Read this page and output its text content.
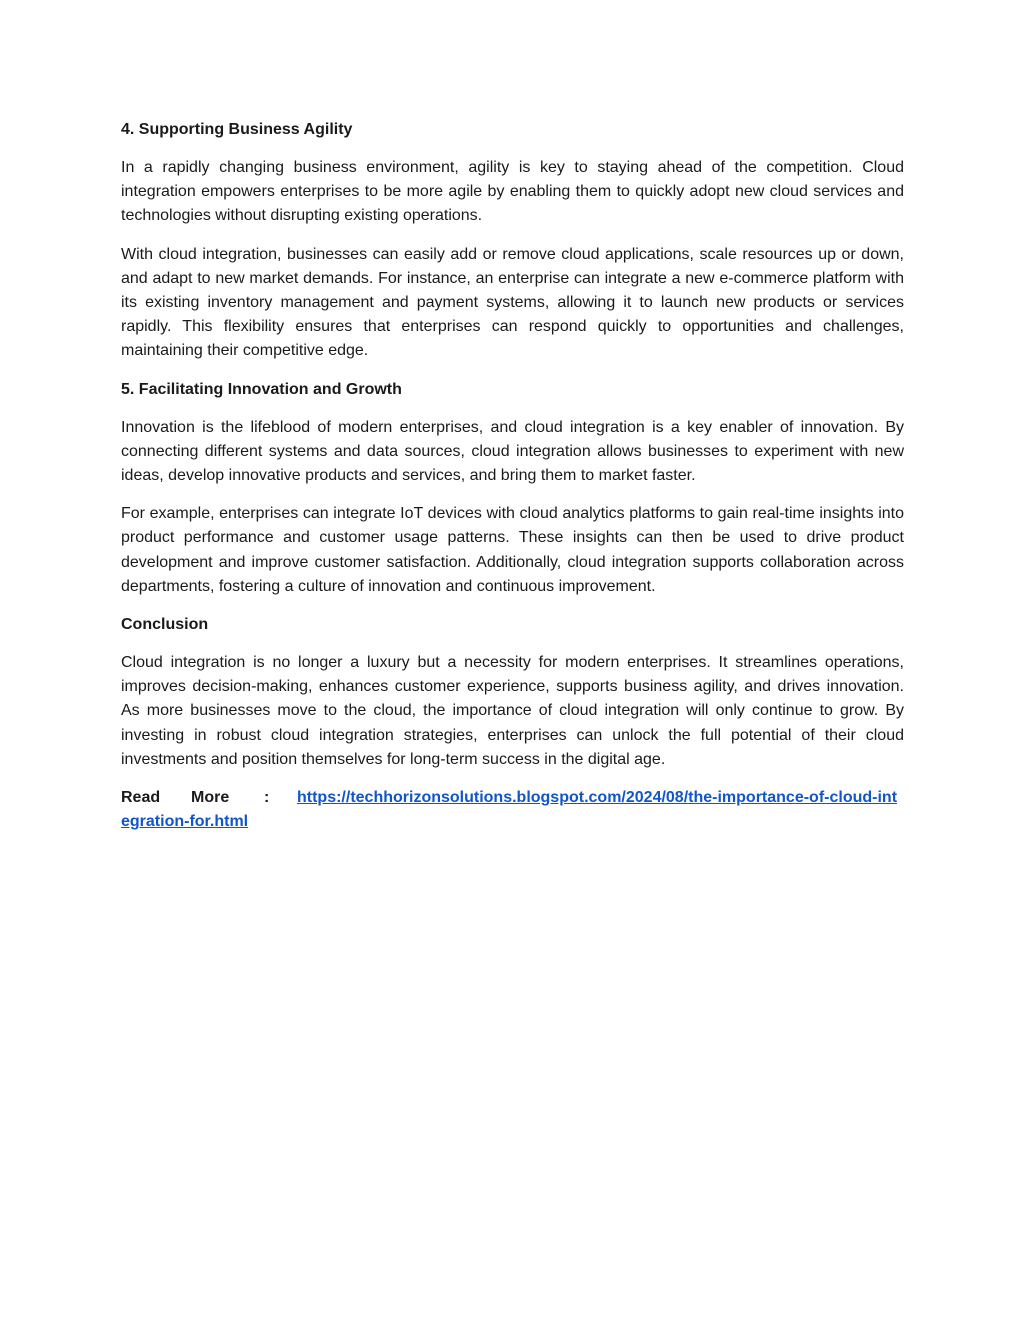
4. Supporting Business Agility

In a rapidly changing business environment, agility is key to staying ahead of the competition. Cloud integration empowers enterprises to be more agile by enabling them to quickly adopt new cloud services and technologies without disrupting existing operations.

With cloud integration, businesses can easily add or remove cloud applications, scale resources up or down, and adapt to new market demands. For instance, an enterprise can integrate a new e-commerce platform with its existing inventory management and payment systems, allowing it to launch new products or services rapidly. This flexibility ensures that enterprises can respond quickly to opportunities and challenges, maintaining their competitive edge.

5. Facilitating Innovation and Growth

Innovation is the lifeblood of modern enterprises, and cloud integration is a key enabler of innovation. By connecting different systems and data sources, cloud integration allows businesses to experiment with new ideas, develop innovative products and services, and bring them to market faster.

For example, enterprises can integrate IoT devices with cloud analytics platforms to gain real-time insights into product performance and customer usage patterns. These insights can then be used to drive product development and improve customer satisfaction. Additionally, cloud integration supports collaboration across departments, fostering a culture of innovation and continuous improvement.

Conclusion

Cloud integration is no longer a luxury but a necessity for modern enterprises. It streamlines operations, improves decision-making, enhances customer experience, supports business agility, and drives innovation. As more businesses move to the cloud, the importance of cloud integration will only continue to grow. By investing in robust cloud integration strategies, enterprises can unlock the full potential of their cloud investments and position themselves for long-term success in the digital age.

Read More : https://techhorizonsolutions.blogspot.com/2024/08/the-importance-of-cloud-integration-for.html
